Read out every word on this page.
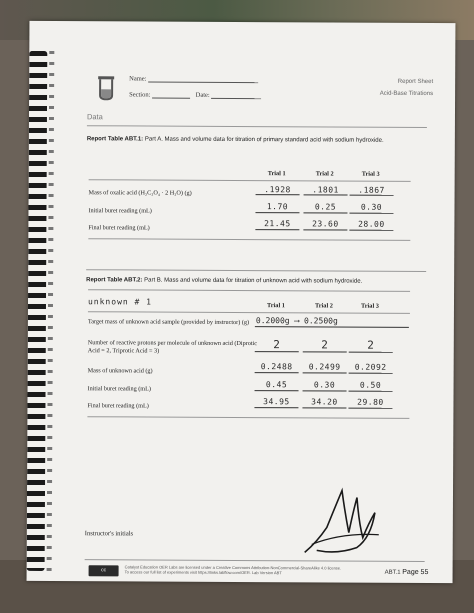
Name:
Section:	Date:
Report Sheet
Acid-Base Titrations
Data
Report Table ABT.1: Part A. Mass and volume data for titration of primary standard acid with sodium hydroxide.
Trial 1	Trial 2	Trial 3
Mass of oxalic acid (H₂C₂O₄ · 2 H₂O) (g)	.1928	.1801	.1867
Initial buret reading (mL)	1.70	0.25	0.30
Final buret reading (mL)	21.45	23.60	28.00
Report Table ABT.2: Part B. Mass and volume data for titration of unknown acid with sodium hydroxide.
unknown # 1	Trial 1	Trial 2	Trial 3
Target mass of unknown acid sample (provided by instructor) (g) 0.2000g ⟶ 0.2500g
Number of reactive protons per molecule of unknown acid (Diprotic Acid = 2, Triprotic Acid = 3)	2	2	2
Mass of unknown acid (g)	0.2488	0.2499	0.2092
Initial buret reading (mL)	0.45	0.30	0.50
Final buret reading (mL)	34.95	34.20	29.80
Instructor's initials
cc	Catalyst Education OER Labs are licensed under a Creative Commons Attribution-NonCommercial-ShareAlike 4.0 license.
To access our full list of experiments visit https://links.labflow.com/OER. Lab Version ABT	ABT.1 Page 55
